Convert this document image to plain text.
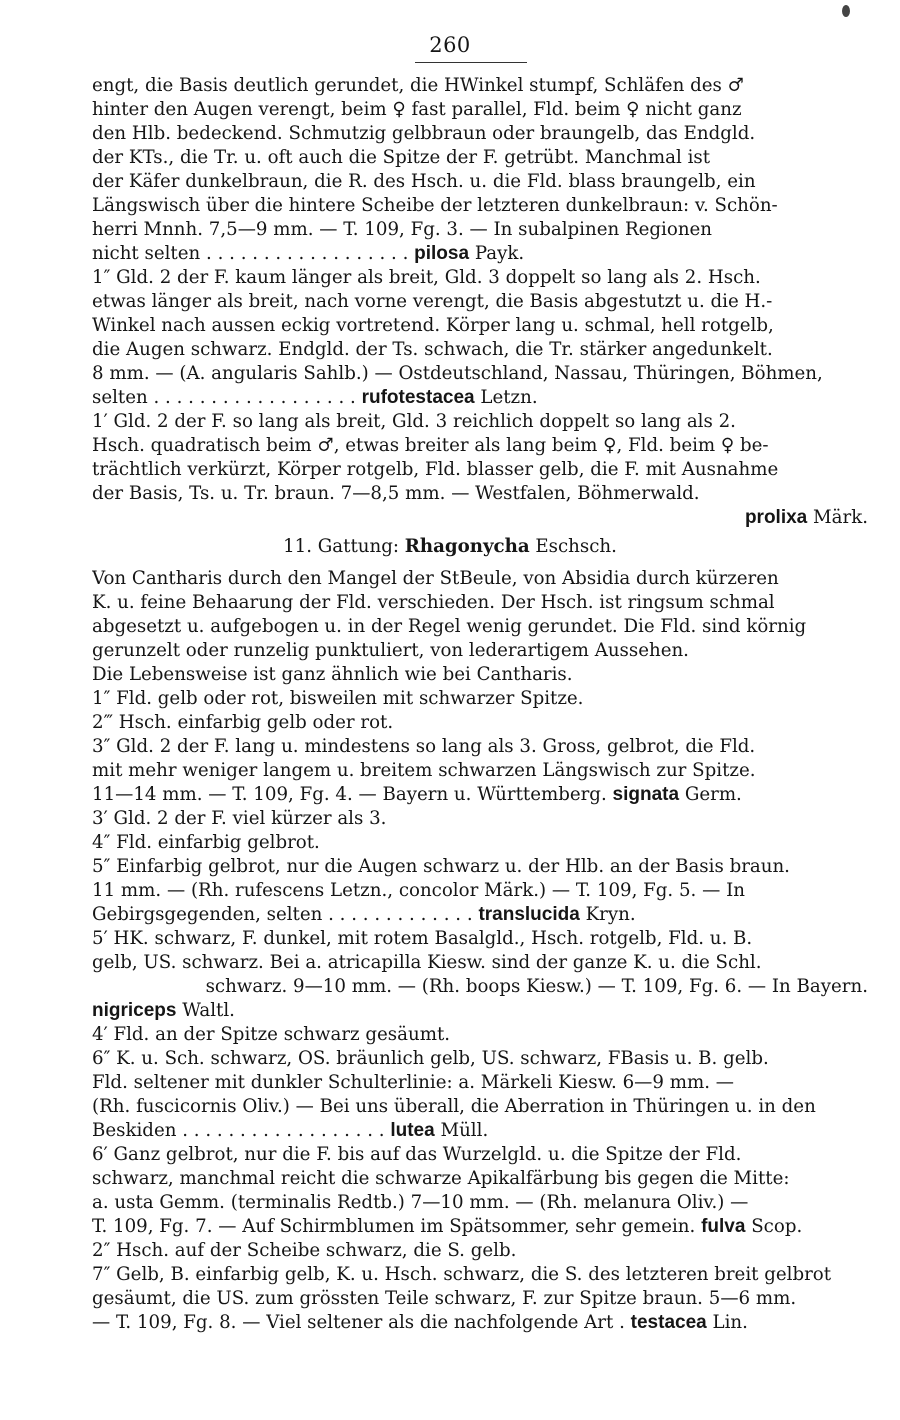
260
engt, die Basis deutlich gerundet, die HWinkel stumpf, Schläfen des ♂
hinter den Augen verengt, beim ♀ fast parallel, Fld. beim ♀ nicht ganz
den Hlb. bedeckend. Schmutzig gelbbraun oder braungelb, das Endgld.
der KTs., die Tr. u. oft auch die Spitze der F. getrübt. Manchmal ist
der Käfer dunkelbraun, die R. des Hsch. u. die Fld. blass braungelb, ein
Längswisch über die hintere Scheibe der letzteren dunkelbraun: v. Schön-
herri Mnnh. 7,5—9 mm. — T. 109, Fg. 3. — In subalpinen Regionen
nicht selten . . . . . . . . . . . . . . . . . . pilosa Payk.
1″ Gld. 2 der F. kaum länger als breit, Gld. 3 doppelt so lang als 2. Hsch.
etwas länger als breit, nach vorne verengt, die Basis abgestutzt u. die H.-
Winkel nach aussen eckig vortretend. Körper lang u. schmal, hell rotgelb,
die Augen schwarz. Endgld. der Ts. schwach, die Tr. stärker angedunkelt.
8 mm. — (A. angularis Sahlb.) — Ostdeutschland, Nassau, Thüringen, Böhmen,
selten . . . . . . . . . . . . . . . . . . rufotestacea Letzn.
1′ Gld. 2 der F. so lang als breit, Gld. 3 reichlich doppelt so lang als 2.
Hsch. quadratisch beim ♂, etwas breiter als lang beim ♀, Fld. beim ♀ be-
trächtlich verkürzt, Körper rotgelb, Fld. blasser gelb, die F. mit Ausnahme
der Basis, Ts. u. Tr. braun. 7—8,5 mm. — Westfalen, Böhmerwald.
prolixa Märk.
11. Gattung: Rhagonycha Eschsch.
Von Cantharis durch den Mangel der StBeule, von Absidia durch kürzeren
K. u. feine Behaarung der Fld. verschieden. Der Hsch. ist ringsum schmal
abgesetzt u. aufgebogen u. in der Regel wenig gerundet. Die Fld. sind körnig
gerunzelt oder runzelig punktuliert, von lederartigem Aussehen.
Die Lebensweise ist ganz ähnlich wie bei Cantharis.
1″ Fld. gelb oder rot, bisweilen mit schwarzer Spitze.
2‴ Hsch. einfarbig gelb oder rot.
3″ Gld. 2 der F. lang u. mindestens so lang als 3. Gross, gelbrot, die Fld.
mit mehr weniger langem u. breitem schwarzen Längswisch zur Spitze.
11—14 mm. — T. 109, Fg. 4. — Bayern u. Württemberg. signata Germ.
3′ Gld. 2 der F. viel kürzer als 3.
4″ Fld. einfarbig gelbrot.
5″ Einfarbig gelbrot, nur die Augen schwarz u. der Hlb. an der Basis braun.
11 mm. — (Rh. rufescens Letzn., concolor Märk.) — T. 109, Fg. 5. — In
Gebirgsgegenden, selten . . . . . . . . . . . . . translucida Kryn.
5′ HK. schwarz, F. dunkel, mit rotem Basalgld., Hsch. rotgelb, Fld. u. B.
gelb, US. schwarz. Bei a. atricapilla Kiesw. sind der ganze K. u. die Schl.
schwarz. 9—10 mm. — (Rh. boops Kiesw.) — T. 109, Fg. 6. — In Bayern.
nigriceps Waltl.
4′ Fld. an der Spitze schwarz gesäumt.
6″ K. u. Sch. schwarz, OS. bräunlich gelb, US. schwarz, FBasis u. B. gelb.
Fld. seltener mit dunkler Schulterlinie: a. Märkeli Kiesw. 6—9 mm. —
(Rh. fuscicornis Oliv.) — Bei uns überall, die Aberration in Thüringen u. in den
Beskiden . . . . . . . . . . . . . . . . . . lutea Müll.
6′ Ganz gelbrot, nur die F. bis auf das Wurzelgld. u. die Spitze der Fld.
schwarz, manchmal reicht die schwarze Apikalfärbung bis gegen die Mitte:
a. usta Gemm. (terminalis Redtb.) 7—10 mm. — (Rh. melanura Oliv.) —
T. 109, Fg. 7. — Auf Schirmblumen im Spätsommer, sehr gemein. fulva Scop.
2″ Hsch. auf der Scheibe schwarz, die S. gelb.
7″ Gelb, B. einfarbig gelb, K. u. Hsch. schwarz, die S. des letzteren breit gelbrot
gesäumt, die US. zum grössten Teile schwarz, F. zur Spitze braun. 5—6 mm.
— T. 109, Fg. 8. — Viel seltener als die nachfolgende Art . testacea Lin.
